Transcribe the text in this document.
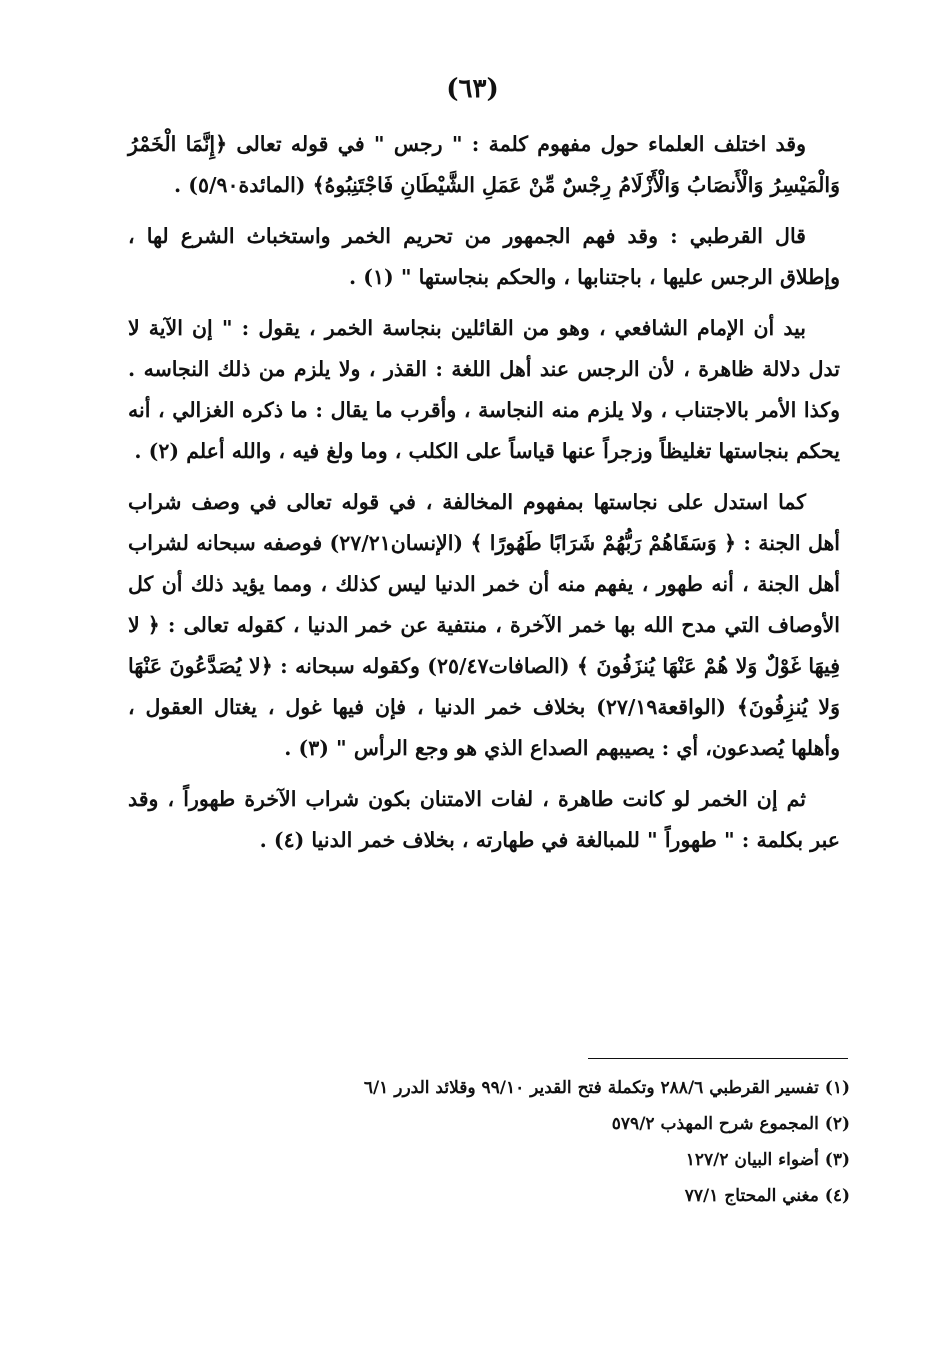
(٦٣)

وقد اختلف العلماء حول مفهوم كلمة : " رجس " في قوله تعالى ﴿إِنَّمَا الْخَمْرُ وَالْمَيْسِرُ وَالْأَنصَابُ وَالْأَزْلَامُ رِجْسٌ مِّنْ عَمَلِ الشَّيْطَانِ فَاجْتَنِبُوهُ﴾ (المائدة٥/٩٠) .

قال القرطبي : وقد فهم الجمهور من تحريم الخمر واستخباث الشرع لها ، وإطلاق الرجس عليها ، باجتنابها ، والحكم بنجاستها " (١) .

بيد أن الإمام الشافعي ، وهو من القائلين بنجاسة الخمر ، يقول : " إن الآية لا تدل دلالة ظاهرة ، لأن الرجس عند أهل اللغة : القذر ، ولا يلزم من ذلك النجاسه . وكذا الأمر بالاجتناب ، ولا يلزم منه النجاسة ، وأقرب ما يقال : ما ذكره الغزالي ، أنه يحكم بنجاستها تغليظاً وزجراً عنها قياساً على الكلب ، وما ولغ فيه ، والله أعلم (٢) .

كما استدل على نجاستها بمفهوم المخالفة ، في قوله تعالى في وصف شراب أهل الجنة : ﴿ وَسَقَاهُمْ رَبُّهُمْ شَرَابًا طَهُورًا ﴾ (الإنسان٢٧/٢١) فوصفه سبحانه لشراب أهل الجنة ، أنه طهور ، يفهم منه أن خمر الدنيا ليس كذلك ، ومما يؤيد ذلك أن كل الأوصاف التي مدح الله بها خمر الآخرة ، منتفية عن خمر الدنيا ، كقوله تعالى : ﴿ لا فِيهَا غَوْلٌ وَلا هُمْ عَنْهَا يُنزَفُونَ ﴾ (الصافات٢٥/٤٧) وكقوله سبحانه : ﴿لا يُصَدَّعُونَ عَنْهَا وَلا يُنزِفُونَ﴾ (الواقعة٢٧/١٩) بخلاف خمر الدنيا ، فإن فيها غول ، يغتال العقول ، وأهلها يُصدعون، أي : يصيبهم الصداع الذي هو وجع الرأس " (٣) .

ثم إن الخمر لو كانت طاهرة ، لفات الامتنان بكون شراب الآخرة طهوراً ، وقد عبر بكلمة : " طهوراً " للمبالغة في طهارته ، بخلاف خمر الدنيا (٤) .

(١) تفسير القرطبي ٢٨٨/٦ وتكملة فتح القدير ٩٩/١٠ وقلائد الدرر ٦/١
(٢) المجموع شرح المهذب ٥٧٩/٢
(٣) أضواء البيان ١٢٧/٢
(٤) مغني المحتاج ٧٧/١
